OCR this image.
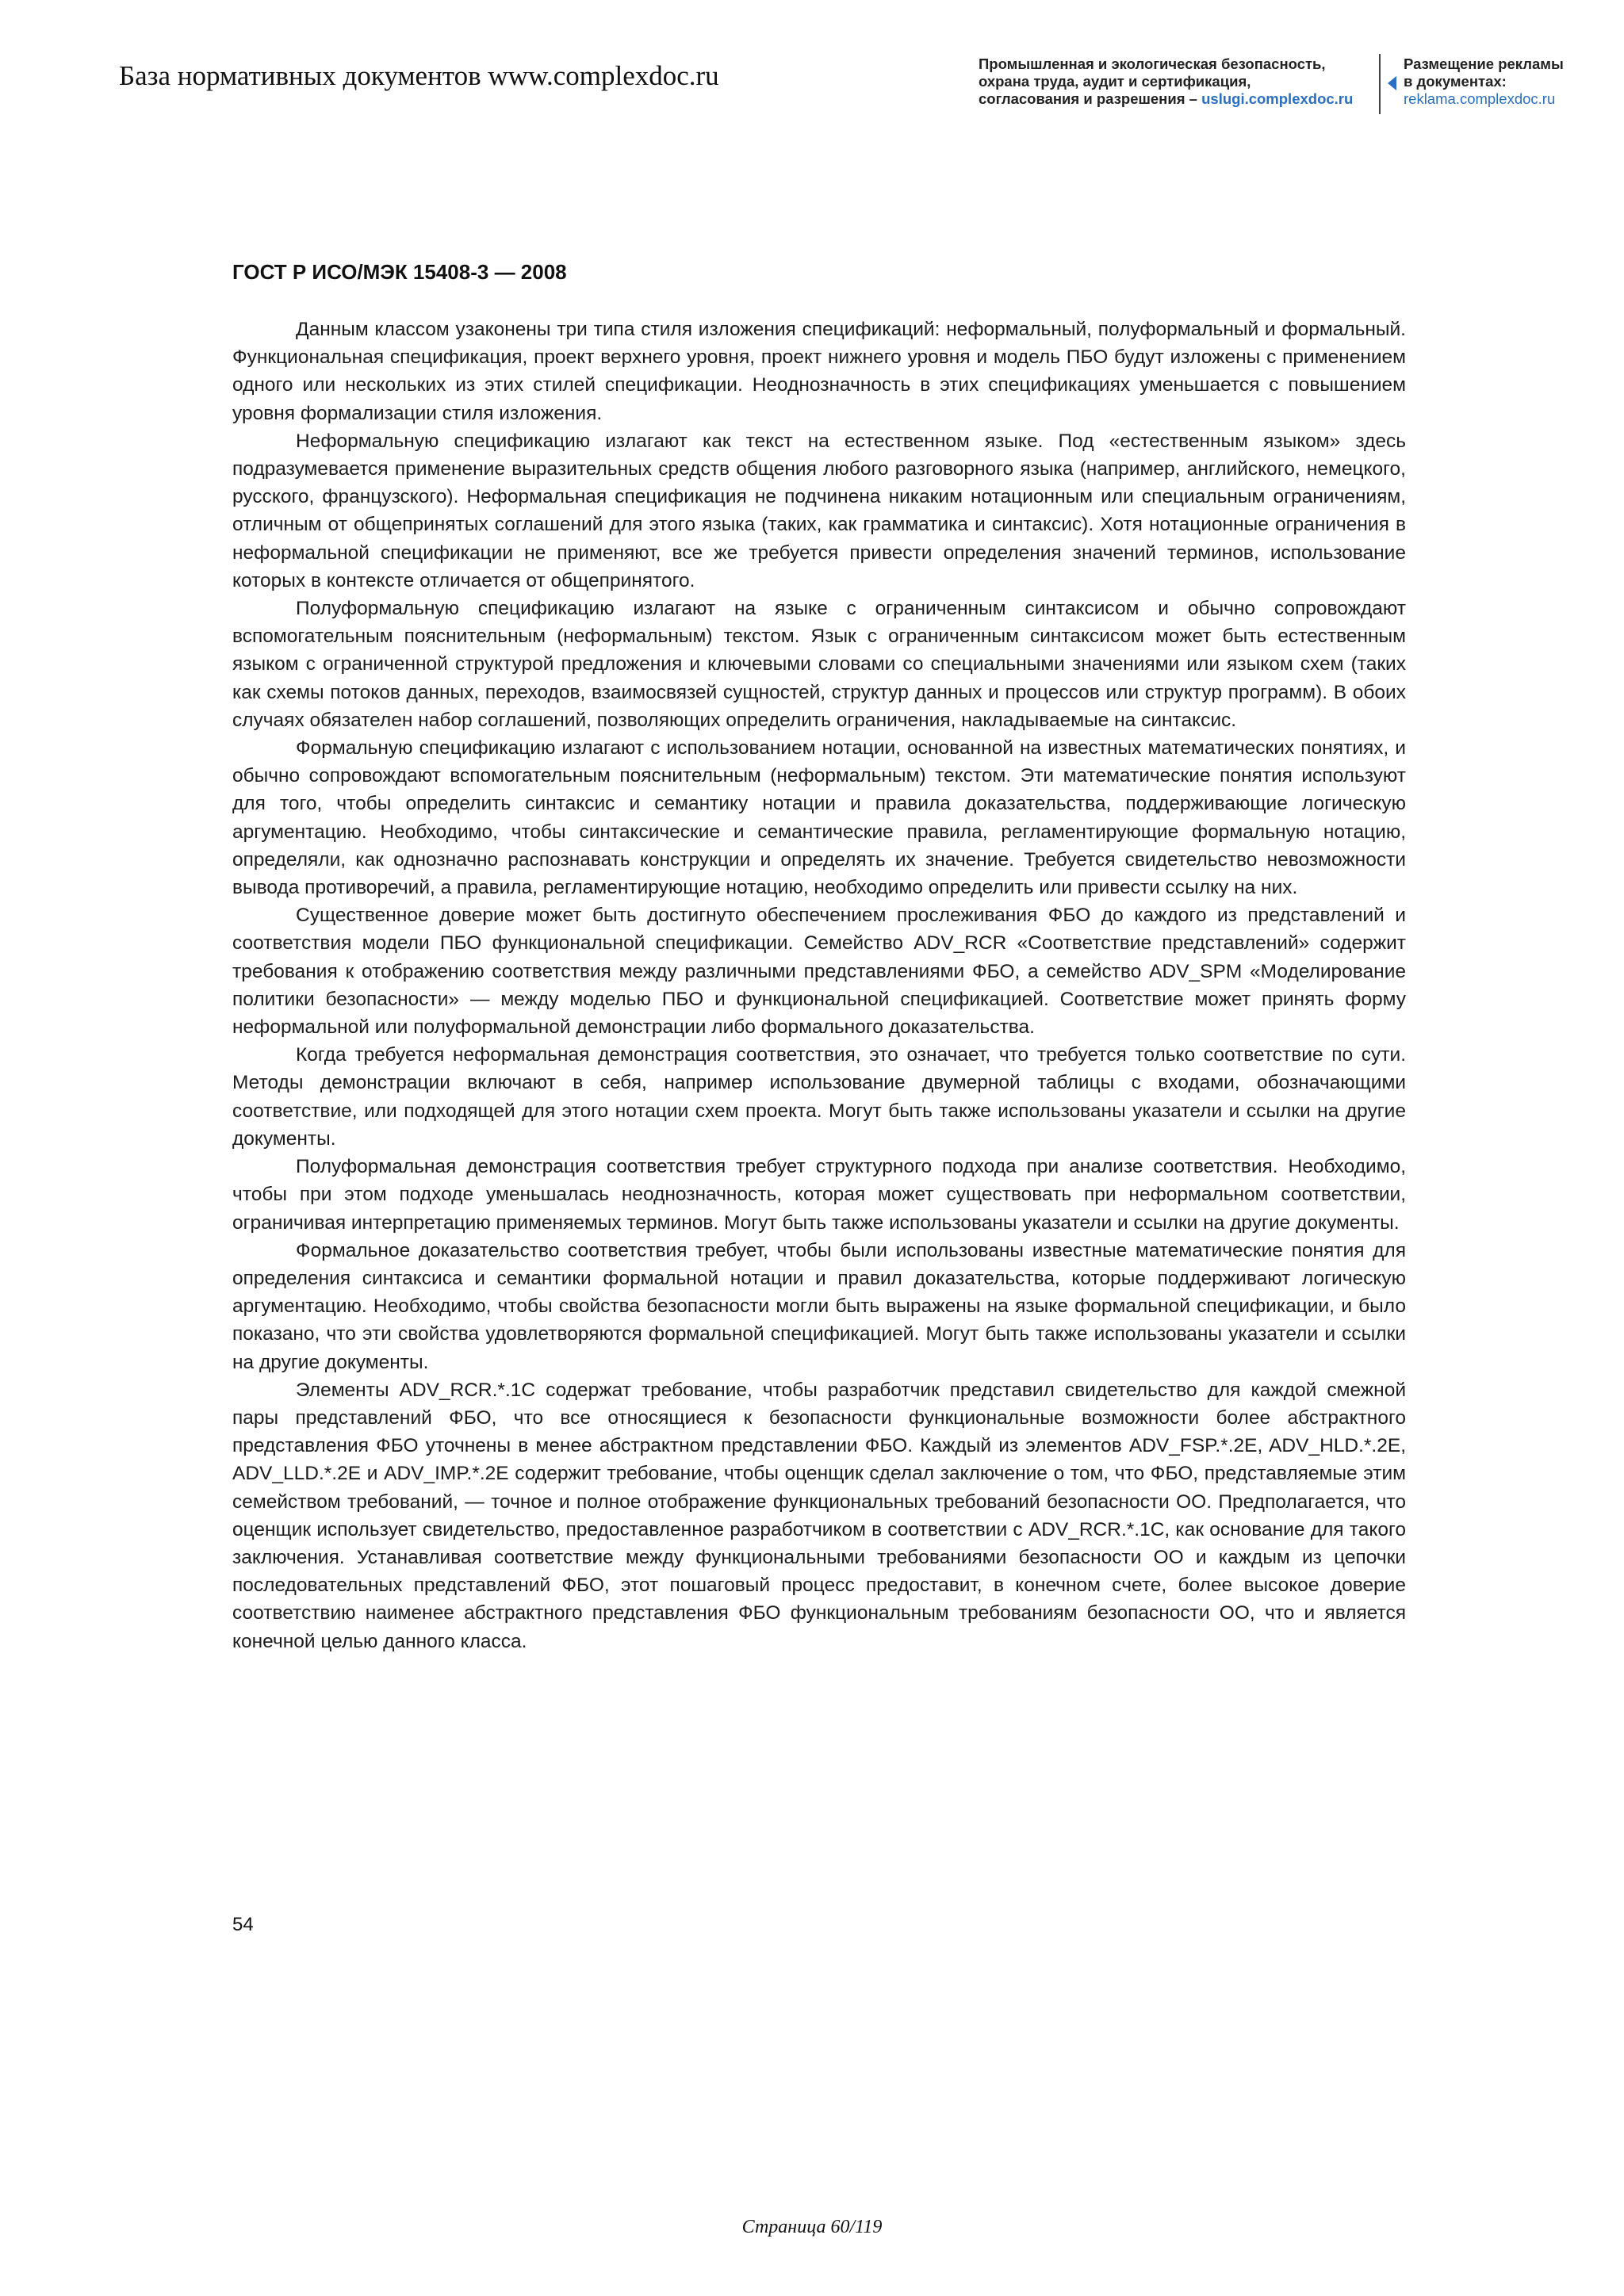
База нормативных документов www.complexdoc.ru	Промышленная и экологическая безопасность,
охрана труда, аудит и сертификация,
согласования и разрешения – uslugi.complexdoc.ru
Размещение рекламы
в документах:
reklama.complexdoc.ru
ГОСТ Р ИСО/МЭК 15408-3 — 2008

Данным классом узаконены три типа стиля изложения спецификаций: неформальный, полуформальный и формальный. Функциональная спецификация, проект верхнего уровня, проект нижнего уровня и модель ПБО будут изложены с применением одного или нескольких из этих стилей спецификации. Неоднозначность в этих спецификациях уменьшается с повышением уровня формализации стиля изложения.

Неформальную спецификацию излагают как текст на естественном языке. Под «естественным языком» здесь подразумевается применение выразительных средств общения любого разговорного языка (например, английского, немецкого, русского, французского). Неформальная спецификация не подчинена никаким нотационным или специальным ограничениям, отличным от общепринятых соглашений для этого языка (таких, как грамматика и синтаксис). Хотя нотационные ограничения в неформальной спецификации не применяют, все же требуется привести определения значений терминов, использование которых в контексте отличается от общепринятого.

Полуформальную спецификацию излагают на языке с ограниченным синтаксисом и обычно сопровождают вспомогательным пояснительным (неформальным) текстом. Язык с ограниченным синтаксисом может быть естественным языком с ограниченной структурой предложения и ключевыми словами со специальными значениями или языком схем (таких как схемы потоков данных, переходов, взаимосвязей сущностей, структур данных и процессов или структур программ). В обоих случаях обязателен набор соглашений, позволяющих определить ограничения, накладываемые на синтаксис.

Формальную спецификацию излагают с использованием нотации, основанной на известных математических понятиях, и обычно сопровождают вспомогательным пояснительным (неформальным) текстом. Эти математические понятия используют для того, чтобы определить синтаксис и семантику нотации и правила доказательства, поддерживающие логическую аргументацию. Необходимо, чтобы синтаксические и семантические правила, регламентирующие формальную нотацию, определяли, как однозначно распознавать конструкции и определять их значение. Требуется свидетельство невозможности вывода противоречий, а правила, регламентирующие нотацию, необходимо определить или привести ссылку на них.

Существенное доверие может быть достигнуто обеспечением прослеживания ФБО до каждого из представлений и соответствия модели ПБО функциональной спецификации. Семейство ADV_RCR «Соответствие представлений» содержит требования к отображению соответствия между различными представлениями ФБО, а семейство ADV_SPM «Моделирование политики безопасности» — между моделью ПБО и функциональной спецификацией. Соответствие может принять форму неформальной или полуформальной демонстрации либо формального доказательства.

Когда требуется неформальная демонстрация соответствия, это означает, что требуется только соответствие по сути. Методы демонстрации включают в себя, например использование двумерной таблицы с входами, обозначающими соответствие, или подходящей для этого нотации схем проекта. Могут быть также использованы указатели и ссылки на другие документы.

Полуформальная демонстрация соответствия требует структурного подхода при анализе соответствия. Необходимо, чтобы при этом подходе уменьшалась неоднозначность, которая может существовать при неформальном соответствии, ограничивая интерпретацию применяемых терминов. Могут быть также использованы указатели и ссылки на другие документы.

Формальное доказательство соответствия требует, чтобы были использованы известные математические понятия для определения синтаксиса и семантики формальной нотации и правил доказательства, которые поддерживают логическую аргументацию. Необходимо, чтобы свойства безопасности могли быть выражены на языке формальной спецификации, и было показано, что эти свойства удовлетворяются формальной спецификацией. Могут быть также использованы указатели и ссылки на другие документы.

Элементы ADV_RCR.*.1C содержат требование, чтобы разработчик представил свидетельство для каждой смежной пары представлений ФБО, что все относящиеся к безопасности функциональные возможности более абстрактного представления ФБО уточнены в менее абстрактном представлении ФБО. Каждый из элементов ADV_FSP.*.2E, ADV_HLD.*.2E, ADV_LLD.*.2E и ADV_IMP.*.2E содержит требование, чтобы оценщик сделал заключение о том, что ФБО, представляемые этим семейством требований, — точное и полное отображение функциональных требований безопасности ОО. Предполагается, что оценщик использует свидетельство, предоставленное разработчиком в соответствии с ADV_RCR.*.1C, как основание для такого заключения. Устанавливая соответствие между функциональными требованиями безопасности ОО и каждым из цепочки последовательных представлений ФБО, этот пошаговый процесс предоставит, в конечном счете, более высокое доверие соответствию наименее абстрактного представления ФБО функциональным требованиям безопасности ОО, что и является конечной целью данного класса.

54
Страница 60/119
